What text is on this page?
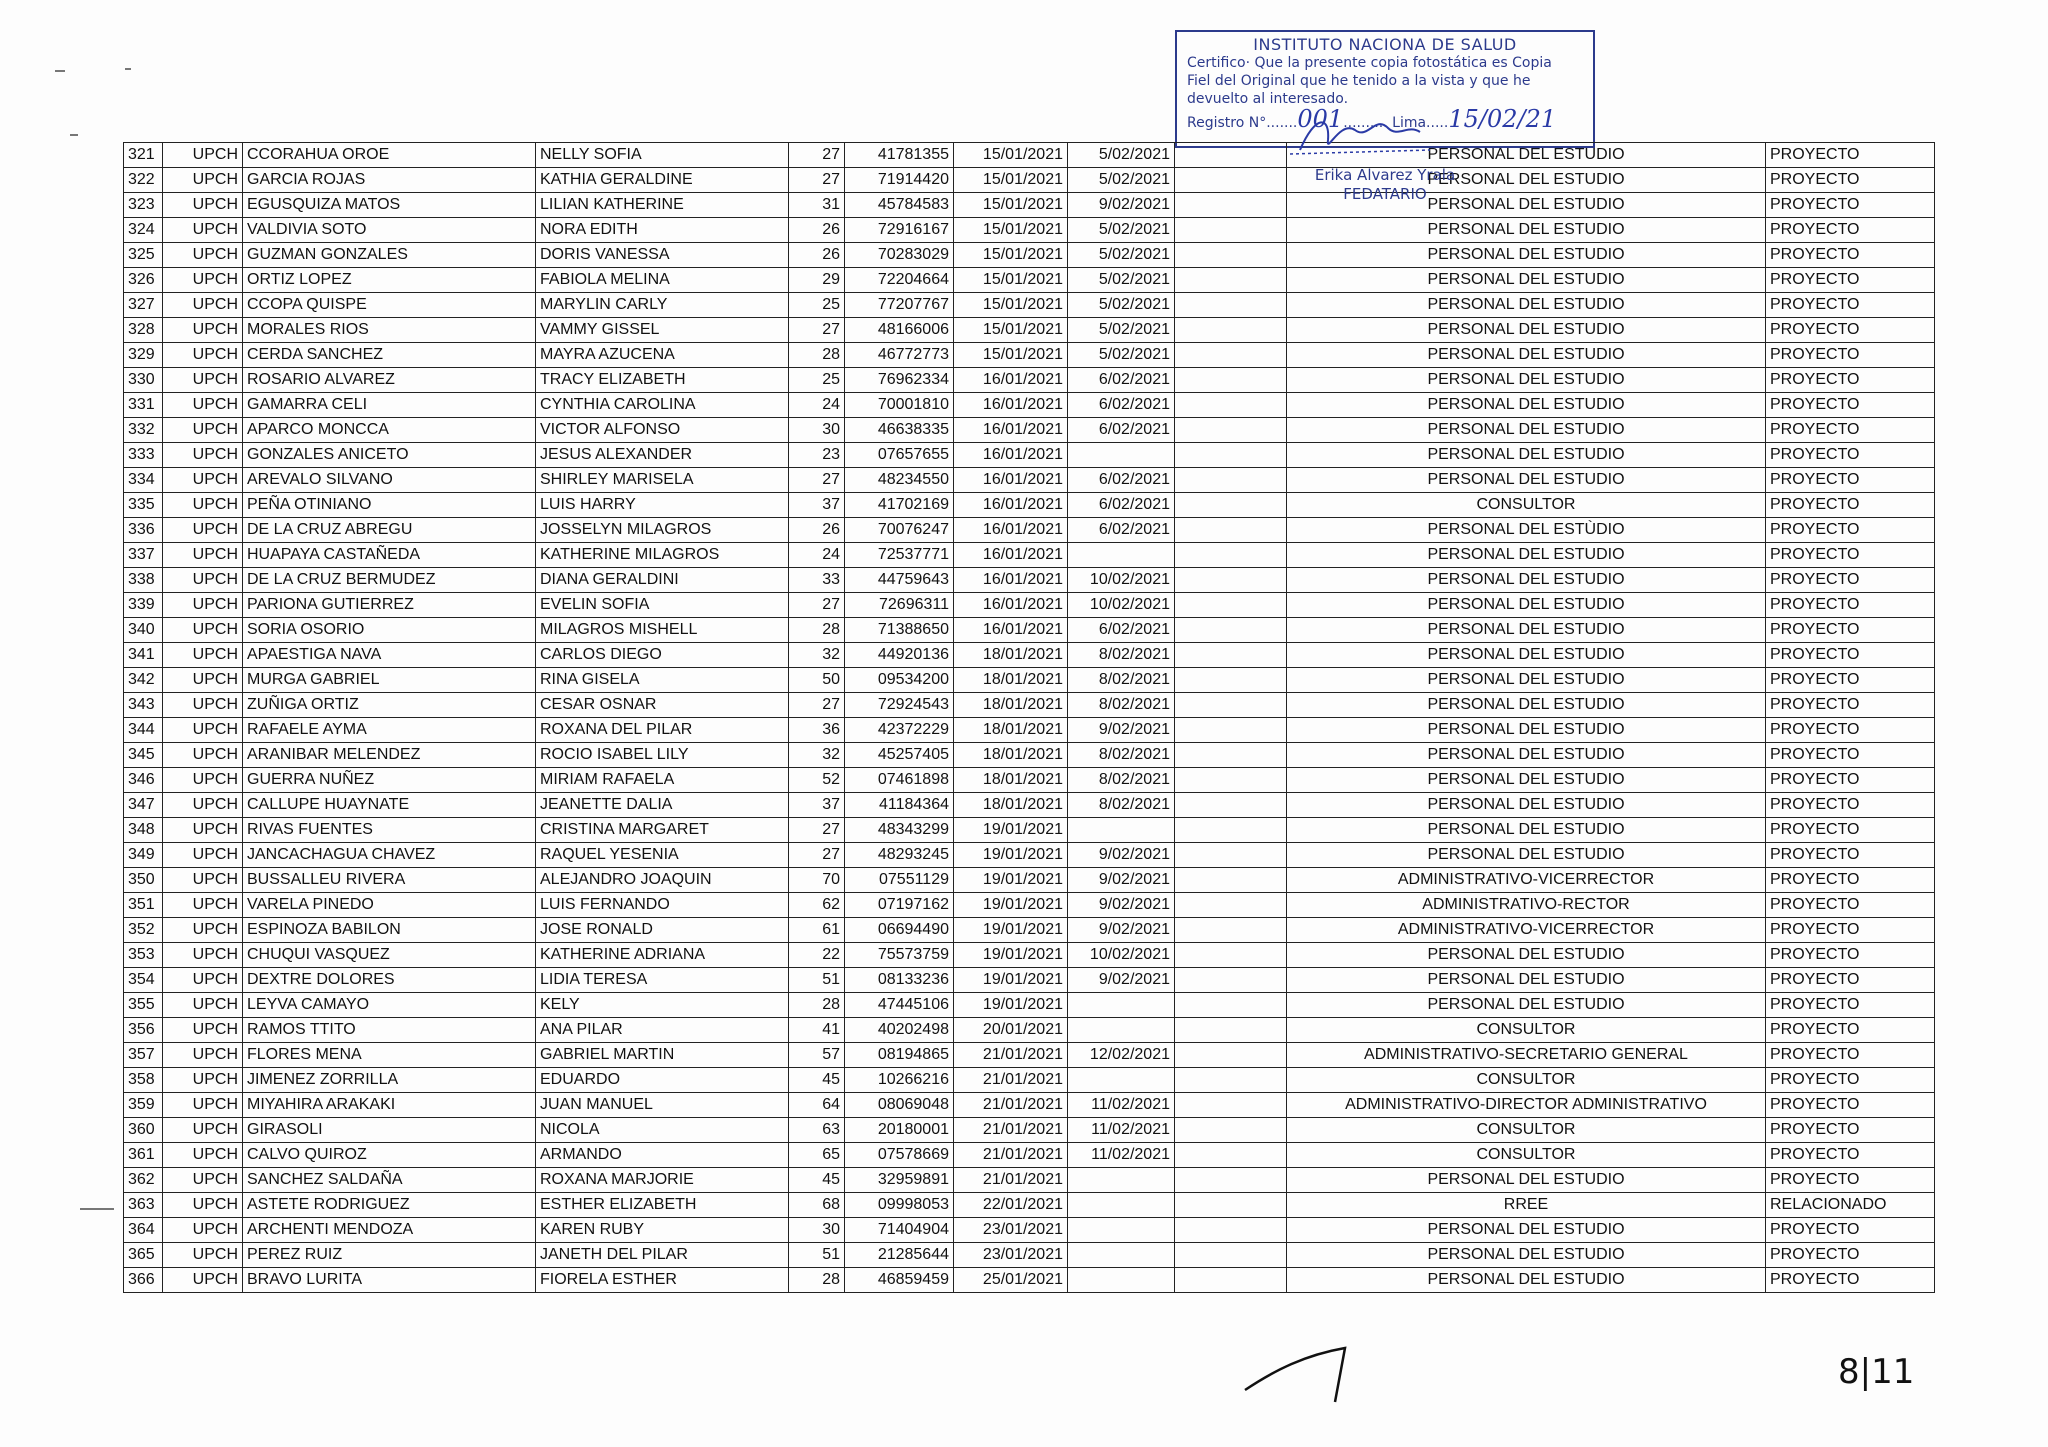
INSTITUTO NACIONA DE SALUD
Certifico· Que la presente copia fotostática es Copia
Fiel del Original que he tenido a la vista y que he
devuelto al interesado.
Registro N°.......001.......... Lima.....15/02/21
Erika Alvarez Yrala
FEDATARIO
321	UPCH	CCORAHUA OROE	NELLY SOFIA	27	41781355	15/01/2021	5/02/2021		PERSONAL DEL ESTUDIO	PROYECTO
322	UPCH	GARCIA ROJAS	KATHIA GERALDINE	27	71914420	15/01/2021	5/02/2021		PERSONAL DEL ESTUDIO	PROYECTO
323	UPCH	EGUSQUIZA MATOS	LILIAN KATHERINE	31	45784583	15/01/2021	9/02/2021		PERSONAL DEL ESTUDIO	PROYECTO
324	UPCH	VALDIVIA SOTO	NORA EDITH	26	72916167	15/01/2021	5/02/2021		PERSONAL DEL ESTUDIO	PROYECTO
325	UPCH	GUZMAN GONZALES	DORIS VANESSA	26	70283029	15/01/2021	5/02/2021		PERSONAL DEL ESTUDIO	PROYECTO
326	UPCH	ORTIZ LOPEZ	FABIOLA MELINA	29	72204664	15/01/2021	5/02/2021		PERSONAL DEL ESTUDIO	PROYECTO
327	UPCH	CCOPA QUISPE	MARYLIN CARLY	25	77207767	15/01/2021	5/02/2021		PERSONAL DEL ESTUDIO	PROYECTO
328	UPCH	MORALES RIOS	VAMMY GISSEL	27	48166006	15/01/2021	5/02/2021		PERSONAL DEL ESTUDIO	PROYECTO
329	UPCH	CERDA SANCHEZ	MAYRA AZUCENA	28	46772773	15/01/2021	5/02/2021		PERSONAL DEL ESTUDIO	PROYECTO
330	UPCH	ROSARIO ALVAREZ	TRACY ELIZABETH	25	76962334	16/01/2021	6/02/2021		PERSONAL DEL ESTUDIO	PROYECTO
331	UPCH	GAMARRA CELI	CYNTHIA CAROLINA	24	70001810	16/01/2021	6/02/2021		PERSONAL DEL ESTUDIO	PROYECTO
332	UPCH	APARCO MONCCA	VICTOR ALFONSO	30	46638335	16/01/2021	6/02/2021		PERSONAL DEL ESTUDIO	PROYECTO
333	UPCH	GONZALES ANICETO	JESUS ALEXANDER	23	07657655	16/01/2021			PERSONAL DEL ESTUDIO	PROYECTO
334	UPCH	AREVALO SILVANO	SHIRLEY MARISELA	27	48234550	16/01/2021	6/02/2021		PERSONAL DEL ESTUDIO	PROYECTO
335	UPCH	PEÑA OTINIANO	LUIS HARRY	37	41702169	16/01/2021	6/02/2021		CONSULTOR	PROYECTO
336	UPCH	DE LA CRUZ ABREGU	JOSSELYN MILAGROS	26	70076247	16/01/2021	6/02/2021		PERSONAL DEL ESTÙDIO	PROYECTO
337	UPCH	HUAPAYA CASTAÑEDA	KATHERINE MILAGROS	24	72537771	16/01/2021			PERSONAL DEL ESTUDIO	PROYECTO
338	UPCH	DE LA CRUZ BERMUDEZ	DIANA GERALDINI	33	44759643	16/01/2021	10/02/2021		PERSONAL DEL ESTUDIO	PROYECTO
339	UPCH	PARIONA GUTIERREZ	EVELIN SOFIA	27	72696311	16/01/2021	10/02/2021		PERSONAL DEL ESTUDIO	PROYECTO
340	UPCH	SORIA OSORIO	MILAGROS MISHELL	28	71388650	16/01/2021	6/02/2021		PERSONAL DEL ESTUDIO	PROYECTO
341	UPCH	APAESTIGA NAVA	CARLOS DIEGO	32	44920136	18/01/2021	8/02/2021		PERSONAL DEL ESTUDIO	PROYECTO
342	UPCH	MURGA GABRIEL	RINA GISELA	50	09534200	18/01/2021	8/02/2021		PERSONAL DEL ESTUDIO	PROYECTO
343	UPCH	ZUÑIGA ORTIZ	CESAR OSNAR	27	72924543	18/01/2021	8/02/2021		PERSONAL DEL ESTUDIO	PROYECTO
344	UPCH	RAFAELE AYMA	ROXANA DEL PILAR	36	42372229	18/01/2021	9/02/2021		PERSONAL DEL ESTUDIO	PROYECTO
345	UPCH	ARANIBAR MELENDEZ	ROCIO ISABEL LILY	32	45257405	18/01/2021	8/02/2021		PERSONAL DEL ESTUDIO	PROYECTO
346	UPCH	GUERRA NUÑEZ	MIRIAM RAFAELA	52	07461898	18/01/2021	8/02/2021		PERSONAL DEL ESTUDIO	PROYECTO
347	UPCH	CALLUPE HUAYNATE	JEANETTE DALIA	37	41184364	18/01/2021	8/02/2021		PERSONAL DEL ESTUDIO	PROYECTO
348	UPCH	RIVAS FUENTES	CRISTINA MARGARET	27	48343299	19/01/2021			PERSONAL DEL ESTUDIO	PROYECTO
349	UPCH	JANCACHAGUA CHAVEZ	RAQUEL YESENIA	27	48293245	19/01/2021	9/02/2021		PERSONAL DEL ESTUDIO	PROYECTO
350	UPCH	BUSSALLEU RIVERA	ALEJANDRO JOAQUIN	70	07551129	19/01/2021	9/02/2021		ADMINISTRATIVO-VICERRECTOR	PROYECTO
351	UPCH	VARELA PINEDO	LUIS FERNANDO	62	07197162	19/01/2021	9/02/2021		ADMINISTRATIVO-RECTOR	PROYECTO
352	UPCH	ESPINOZA BABILON	JOSE RONALD	61	06694490	19/01/2021	9/02/2021		ADMINISTRATIVO-VICERRECTOR	PROYECTO
353	UPCH	CHUQUI VASQUEZ	KATHERINE ADRIANA	22	75573759	19/01/2021	10/02/2021		PERSONAL DEL ESTUDIO	PROYECTO
354	UPCH	DEXTRE DOLORES	LIDIA TERESA	51	08133236	19/01/2021	9/02/2021		PERSONAL DEL ESTUDIO	PROYECTO
355	UPCH	LEYVA CAMAYO	KELY	28	47445106	19/01/2021			PERSONAL DEL ESTUDIO	PROYECTO
356	UPCH	RAMOS TTITO	ANA PILAR	41	40202498	20/01/2021			CONSULTOR	PROYECTO
357	UPCH	FLORES MENA	GABRIEL MARTIN	57	08194865	21/01/2021	12/02/2021		ADMINISTRATIVO-SECRETARIO GENERAL	PROYECTO
358	UPCH	JIMENEZ ZORRILLA	EDUARDO	45	10266216	21/01/2021			CONSULTOR	PROYECTO
359	UPCH	MIYAHIRA ARAKAKI	JUAN MANUEL	64	08069048	21/01/2021	11/02/2021		ADMINISTRATIVO-DIRECTOR ADMINISTRATIVO	PROYECTO
360	UPCH	GIRASOLI	NICOLA	63	20180001	21/01/2021	11/02/2021		CONSULTOR	PROYECTO
361	UPCH	CALVO QUIROZ	ARMANDO	65	07578669	21/01/2021	11/02/2021		CONSULTOR	PROYECTO
362	UPCH	SANCHEZ SALDAÑA	ROXANA MARJORIE	45	32959891	21/01/2021			PERSONAL DEL ESTUDIO	PROYECTO
363	UPCH	ASTETE RODRIGUEZ	ESTHER ELIZABETH	68	09998053	22/01/2021			RREE	RELACIONADO
364	UPCH	ARCHENTI MENDOZA	KAREN RUBY	30	71404904	23/01/2021			PERSONAL DEL ESTUDIO	PROYECTO
365	UPCH	PEREZ RUIZ	JANETH DEL PILAR	51	21285644	23/01/2021			PERSONAL DEL ESTUDIO	PROYECTO
366	UPCH	BRAVO LURITA	FIORELA ESTHER	28	46859459	25/01/2021			PERSONAL DEL ESTUDIO	PROYECTO
8|11
